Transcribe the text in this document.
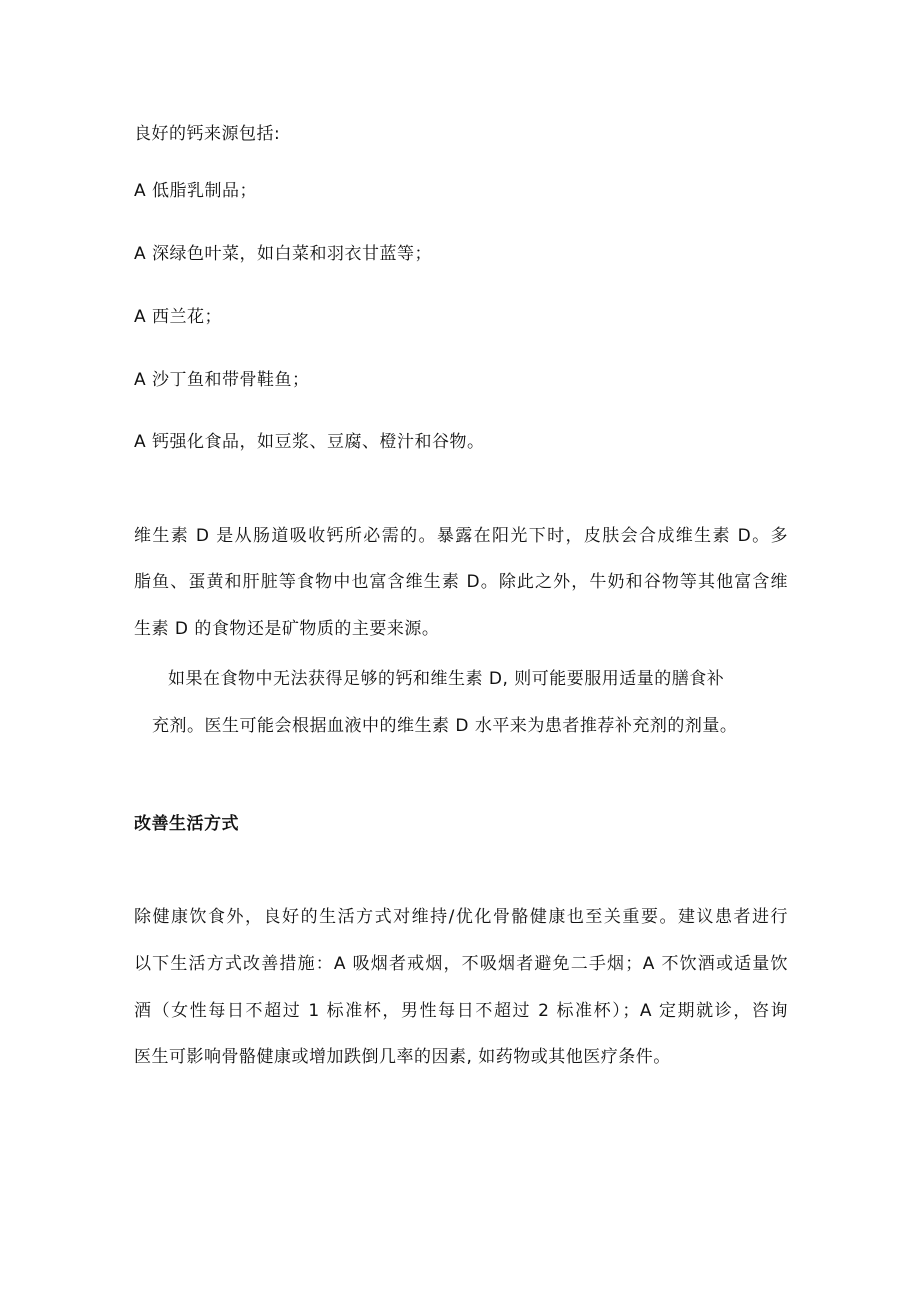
良好的钙来源包括:
A 低脂乳制品；
A 深绿色叶菜，如白菜和羽衣甘蓝等；
A 西兰花；
A 沙丁鱼和带骨鞋鱼；
A 钙强化食品，如豆浆、豆腐、橙汁和谷物。
维生素 D 是从肠道吸收钙所必需的。暴露在阳光下时，皮肤会合成维生素 D。多
脂鱼、蛋黄和肝脏等食物中也富含维生素 D。除此之外，牛奶和谷物等其他富含维
生素 D 的食物还是矿物质的主要来源。
如果在食物中无法获得足够的钙和维生素 D, 则可能要服用适量的膳食补
充剂。医生可能会根据血液中的维生素 D 水平来为患者推荐补充剂的剂量。
改善生活方式
除健康饮食外，良好的生活方式对维持/优化骨骼健康也至关重要。建议患者进行
以下生活方式改善措施：A 吸烟者戒烟，不吸烟者避免二手烟；A 不饮酒或适量饮
酒（女性每日不超过 1 标准杯，男性每日不超过 2 标准杯）；A 定期就诊，咨询
医生可影响骨骼健康或增加跌倒几率的因素, 如药物或其他医疗条件。
